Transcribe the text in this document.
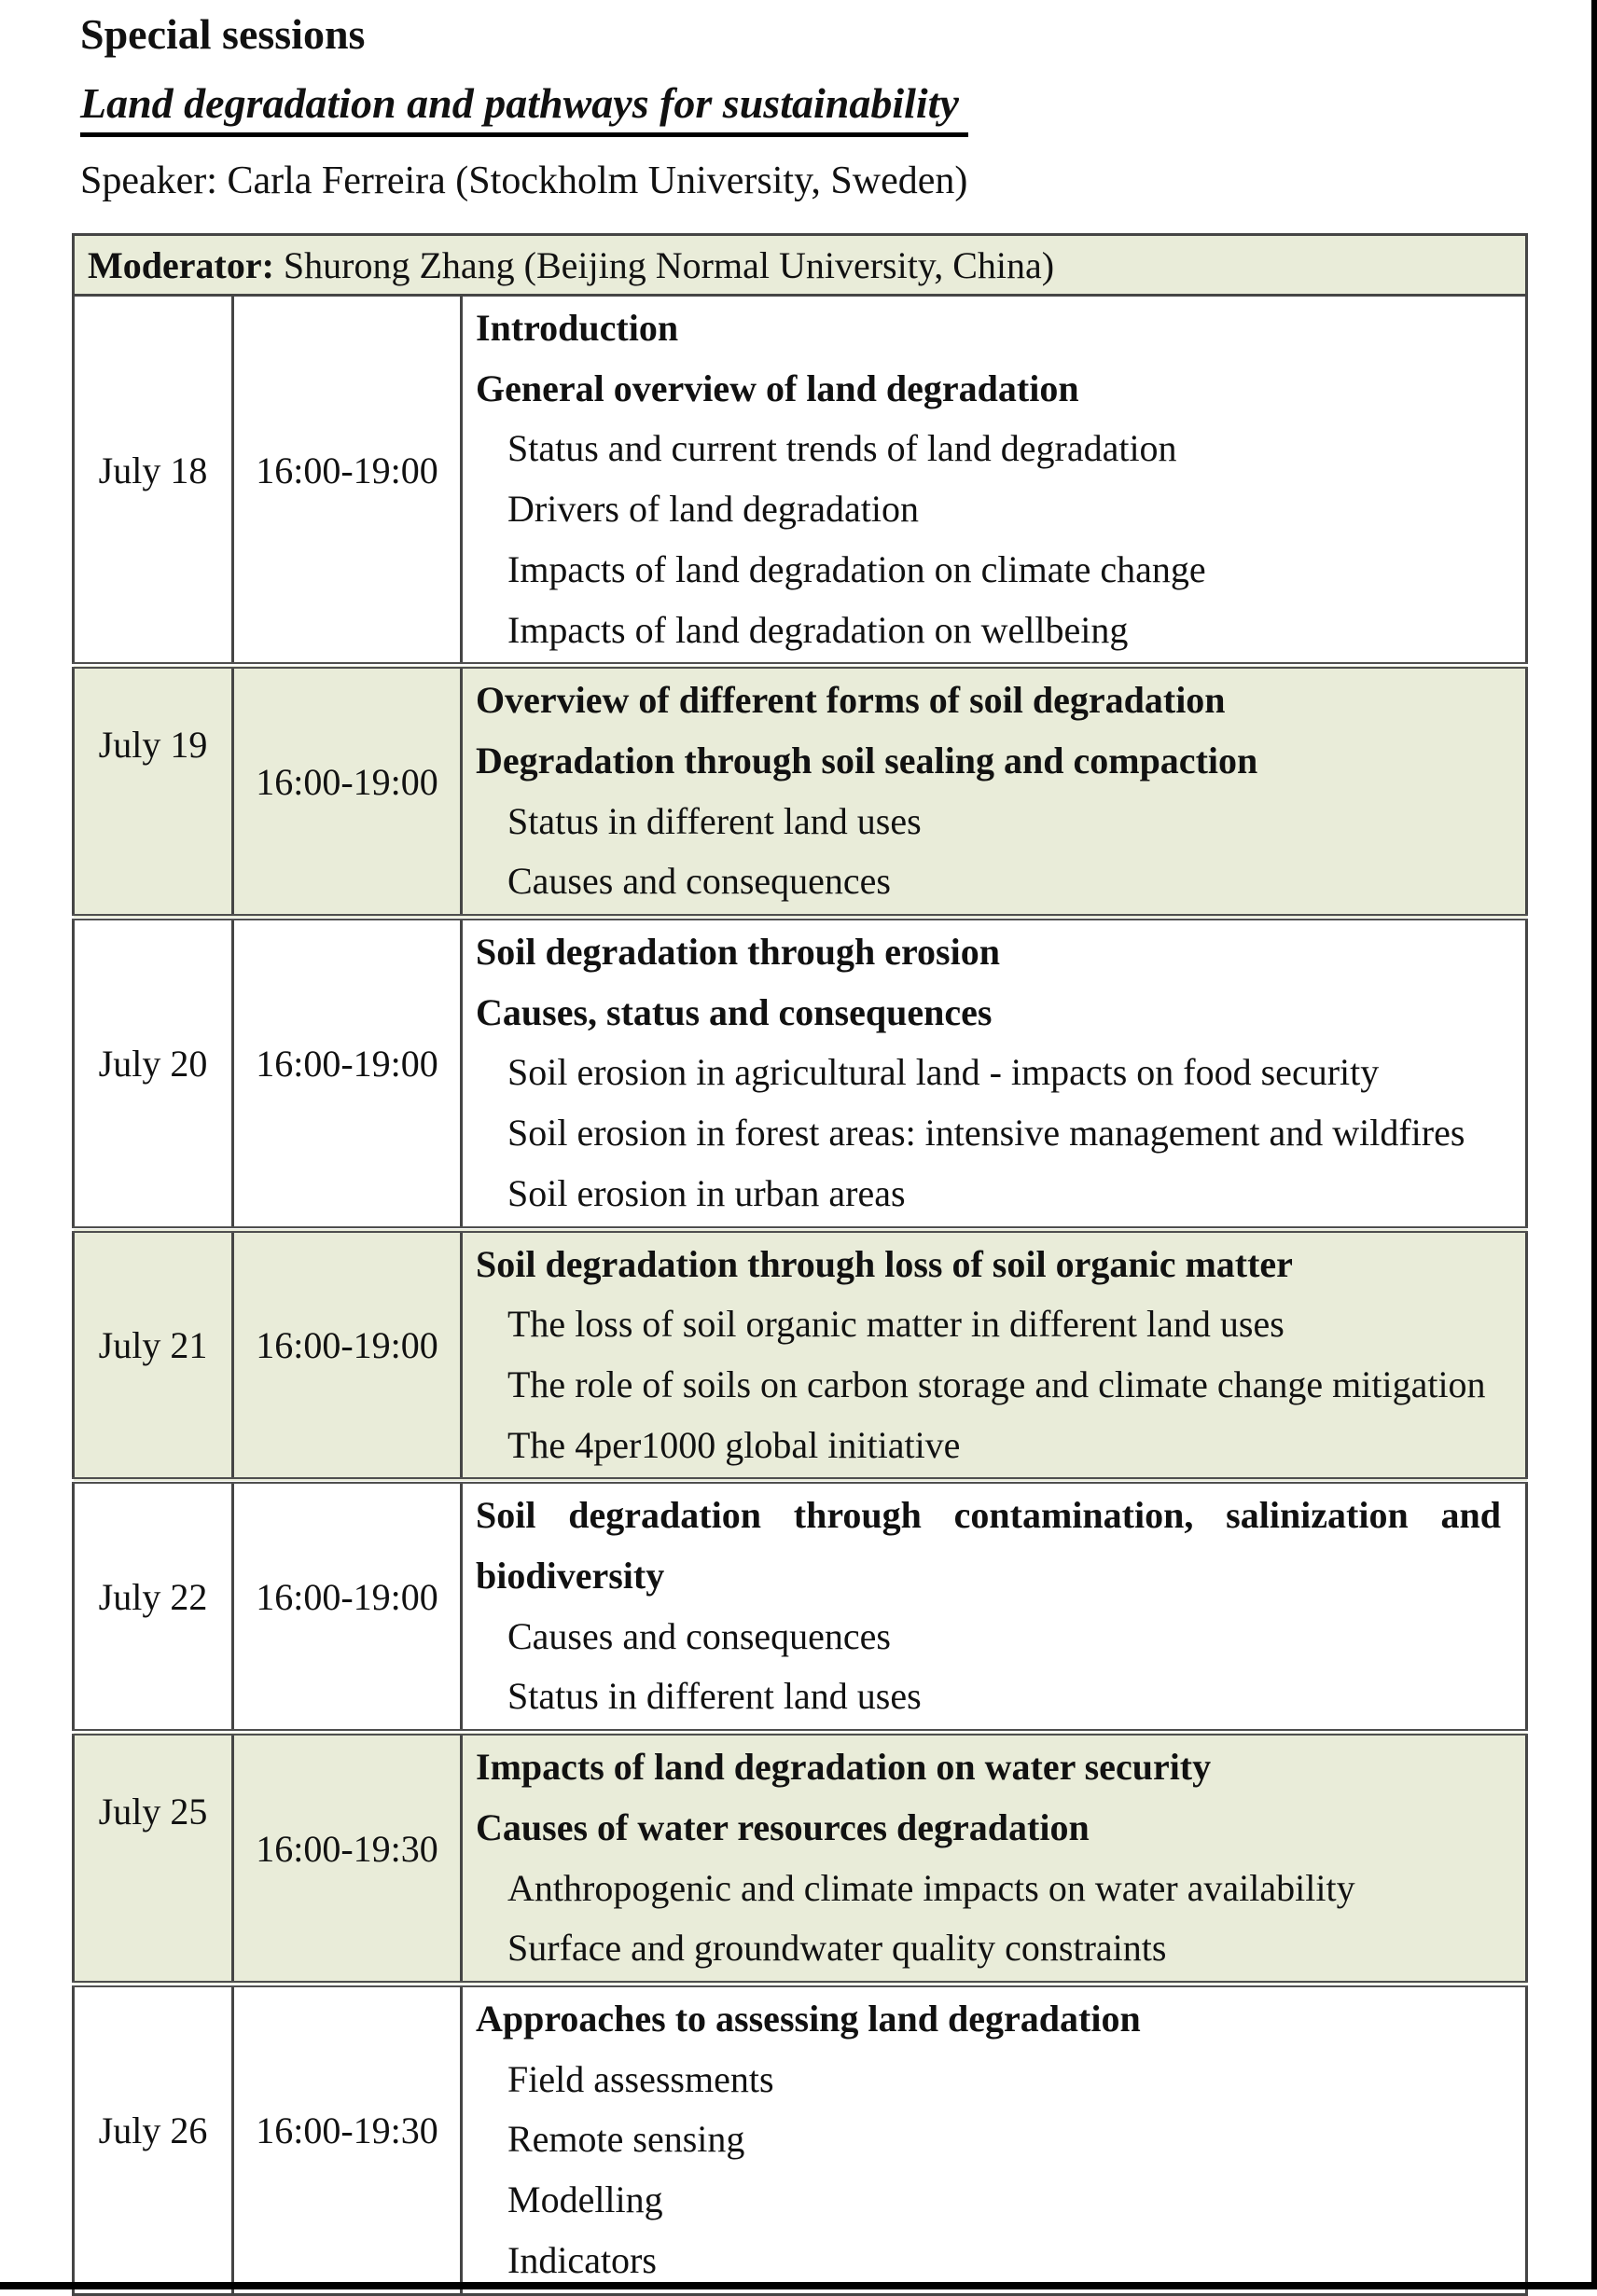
Special sessions
Land degradation and pathways for sustainability
Speaker: Carla Ferreira (Stockholm University, Sweden)
Moderator: Shurong Zhang (Beijing Normal University, China)		
July 18	16:00-19:00	

Introduction

General overview of land degradation

Status and current trends of land degradation

Drivers of land degradation

Impacts of land degradation on climate change

Impacts of land degradation on wellbeing

July 19	16:00-19:00	Overview of different forms of soil degradation

Degradation through soil sealing and compaction

Status in different land uses

Causes and consequences

July 20	16:00-19:00	Soil degradation through erosion

Causes, status and consequences

Soil erosion in agricultural land - impacts on food security

Soil erosion in forest areas: intensive management and wildfires

Soil erosion in urban areas

July 21	16:00-19:00	Soil degradation through loss of soil organic matter

The loss of soil organic matter in different land uses

The role of soils on carbon storage and climate change mitigation

The 4per1000 global initiative

July 22	16:00-19:00	Soil degradation through contamination, salinization and

biodiversity

Causes and consequences

Status in different land uses

July 25	16:00-19:30	Impacts of land degradation on water security

Causes of water resources degradation

Anthropogenic and climate impacts on water availability

Surface and groundwater quality constraints

July 26	16:00-19:30	Approaches to assessing land degradation

Field assessments

Remote sensing

Modelling

Indicators
